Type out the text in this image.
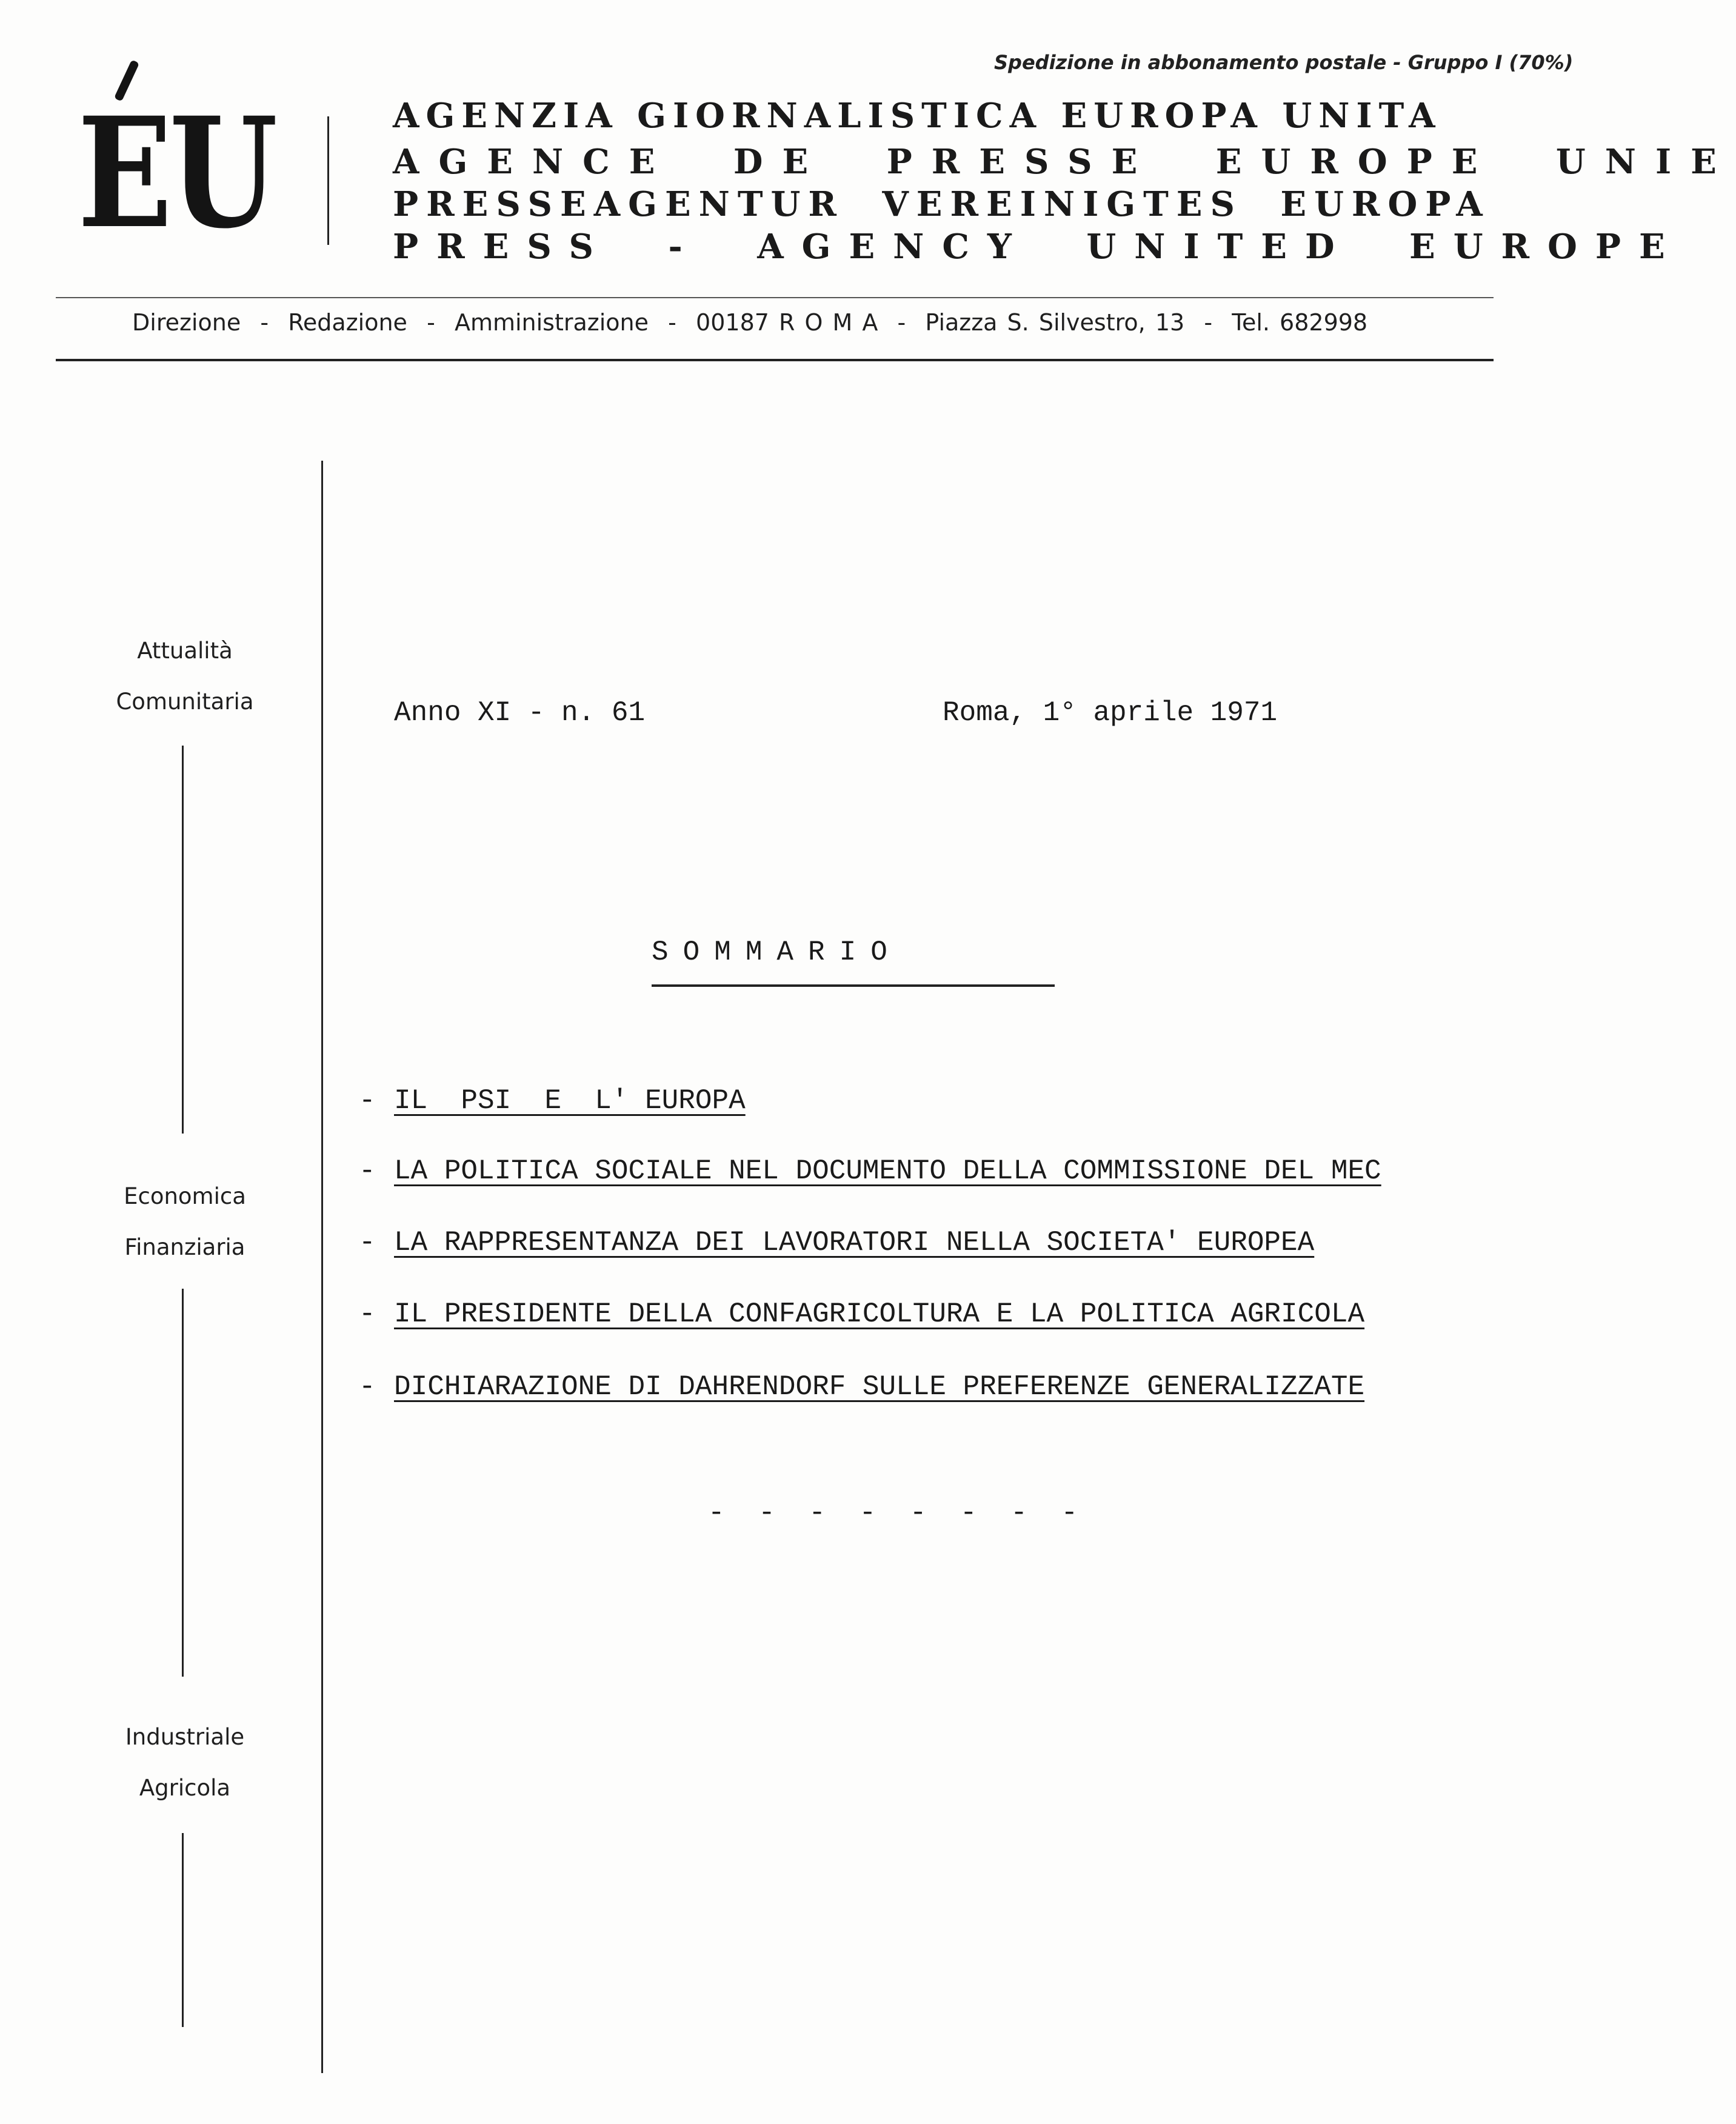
Spedizione in abbonamento postale - Gruppo I (70%)
EU	AGENZIA GIORNALISTICA EUROPA UNITA
AGENCE DE PRESSE EUROPE UNIE
PRESSEAGENTUR VEREINIGTES EUROPA
PRESS - AGENCY UNITED EUROPE
Direzione  -  Redazione  -  Amministrazione  -  00187 R O M A  -  Piazza S. Silvestro, 13  -  Tel. 682998
Attualità
Comunitaria
Economica
Finanziaria
Industriale
Agricola
Anno XI - n. 61	Roma, 1° aprile 1971
SOMMARIO
- IL  PSI  E  L' EUROPA
- LA POLITICA SOCIALE NEL DOCUMENTO DELLA COMMISSIONE DEL MEC
- LA RAPPRESENTANZA DEI LAVORATORI NELLA SOCIETA' EUROPEA
- IL PRESIDENTE DELLA CONFAGRICOLTURA E LA POLITICA AGRICOLA
- DICHIARAZIONE DI DAHRENDORF SULLE PREFERENZE GENERALIZZATE
- - - - - - - -
